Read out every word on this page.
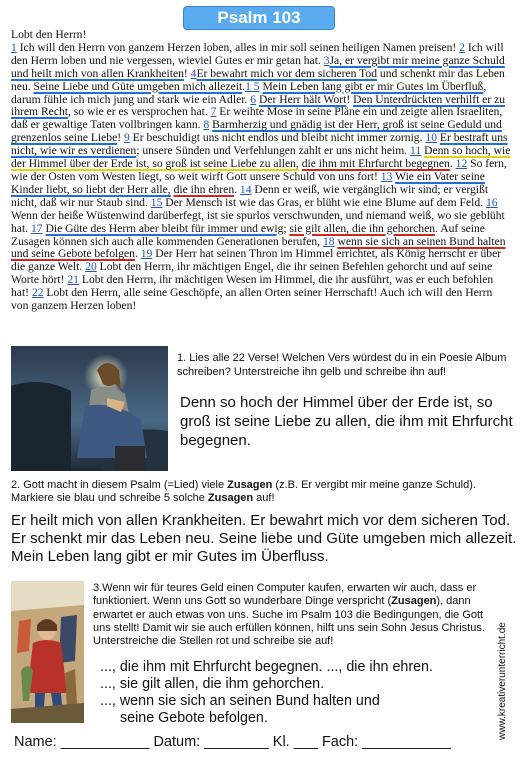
Psalm 103

Lobt den Herrn!

1 Ich will den Herrn von ganzem Herzen loben, alles in mir soll seinen heiligen Namen preisen! 2 Ich will den Herrn loben und nie vergessen, wieviel Gutes er mir getan hat. 3Ja, er vergibt mir meine ganze Schuld und heilt mich von allen Krankheiten! 4Er bewahrt mich vor dem sicheren Tod und schenkt mir das Leben neu. Seine Liebe und Güte umgeben mich allezeit.1 5 Mein Leben lang gibt er mir Gutes im Überfluß, darum fühle ich mich jung und stark wie ein Adler. 6 Der Herr hält Wort! Den Unterdrückten verhilft er zu ihrem Recht, so wie er es versprochen hat. 7 Er weihte Mose in seine Pläne ein und zeigte allen Israeliten, daß er gewaltige Taten vollbringen kann. 8 Barmherzig und gnädig ist der Herr, groß ist seine Geduld und grenzenlos seine Liebe! 9 Er beschuldigt uns nicht endlos und bleibt nicht immer zornig. 10 Er bestraft uns nicht, wie wir es verdienen; unsere Sünden und Verfehlungen zahlt er uns nicht heim. 11 Denn so hoch, wie der Himmel über der Erde ist, so groß ist seine Liebe zu allen, die ihm mit Ehrfurcht begegnen. 12 So fern, wie der Osten vom Westen liegt, so weit wirft Gott unsere Schuld von uns fort! 13 Wie ein Vater seine Kinder liebt, so liebt der Herr alle, die ihn ehren. 14 Denn er weiß, wie vergänglich wir sind; er vergißt nicht, daß wir nur Staub sind. 15 Der Mensch ist wie das Gras, er blüht wie eine Blume auf dem Feld. 16 Wenn der heiße Wüstenwind darüberfegt, ist sie spurlos verschwunden, und niemand weiß, wo sie geblüht hat. 17 Die Güte des Herrn aber bleibt für immer und ewig; sie gilt allen, die ihn gehorchen. Auf seine Zusagen können sich auch alle kommenden Generationen berufen, 18 wenn sie sich an seinen Bund halten und seine Gebote befolgen. 19 Der Herr hat seinen Thron im Himmel errichtet, als König herrscht er über die ganze Welt. 20 Lobt den Herrn, ihr mächtigen Engel, die ihr seinen Befehlen gehorcht und auf seine Worte hört! 21 Lobt den Herrn, ihr mächtigen Wesen im Himmel, die ihr ausführt, was er euch befohlen hat! 22 Lobt den Herrn, alle seine Geschöpfe, an allen Orten seiner Herrschaft! Auch ich will den Herrn von ganzem Herzen loben!

1. Lies alle 22 Verse! Welchen Vers würdest du in ein Poesie Album schreiben? Unterstreiche ihn gelb und schreibe ihn auf!
Denn so hoch der Himmel über der Erde ist, so groß ist seine Liebe zu allen, die ihm mit Ehrfurcht begegnen.
2. Gott macht in diesem Psalm (=Lied) viele Zusagen (z.B. Er vergibt mir meine ganze Schuld). Markiere sie blau und schreibe 5 solche Zusagen auf!
Er heilt mich von allen Krankheiten. Er bewahrt mich vor dem sicheren Tod. Er schenkt mir das Leben neu. Seine liebe und Güte umgeben mich allezeit. Mein Leben lang gibt er mir Gutes im Überfluss.
3.Wenn wir für teures Geld einen Computer kaufen, erwarten wir auch, dass er funktioniert. Wenn uns Gott so wunderbare Dinge verspricht (Zusagen), dann erwartet er auch etwas von uns. Suche im Psalm 103 die Bedingungen, die Gott uns stellt! Damit wir sie auch erfüllen können, hilft uns sein Sohn Jesus Christus. Unterstreiche die Stellen rot und schreibe sie auf!
..., die ihm mit Ehrfurcht begegnen. ..., die ihn ehren.
..., sie gilt allen, die ihm gehorchen.
..., wenn sie sich an seinen Bund halten und
seine Gebote befolgen.
Name: ___________ Datum: ________ Kl. ___ Fach: ___________
www.kreativerunterricht.de
